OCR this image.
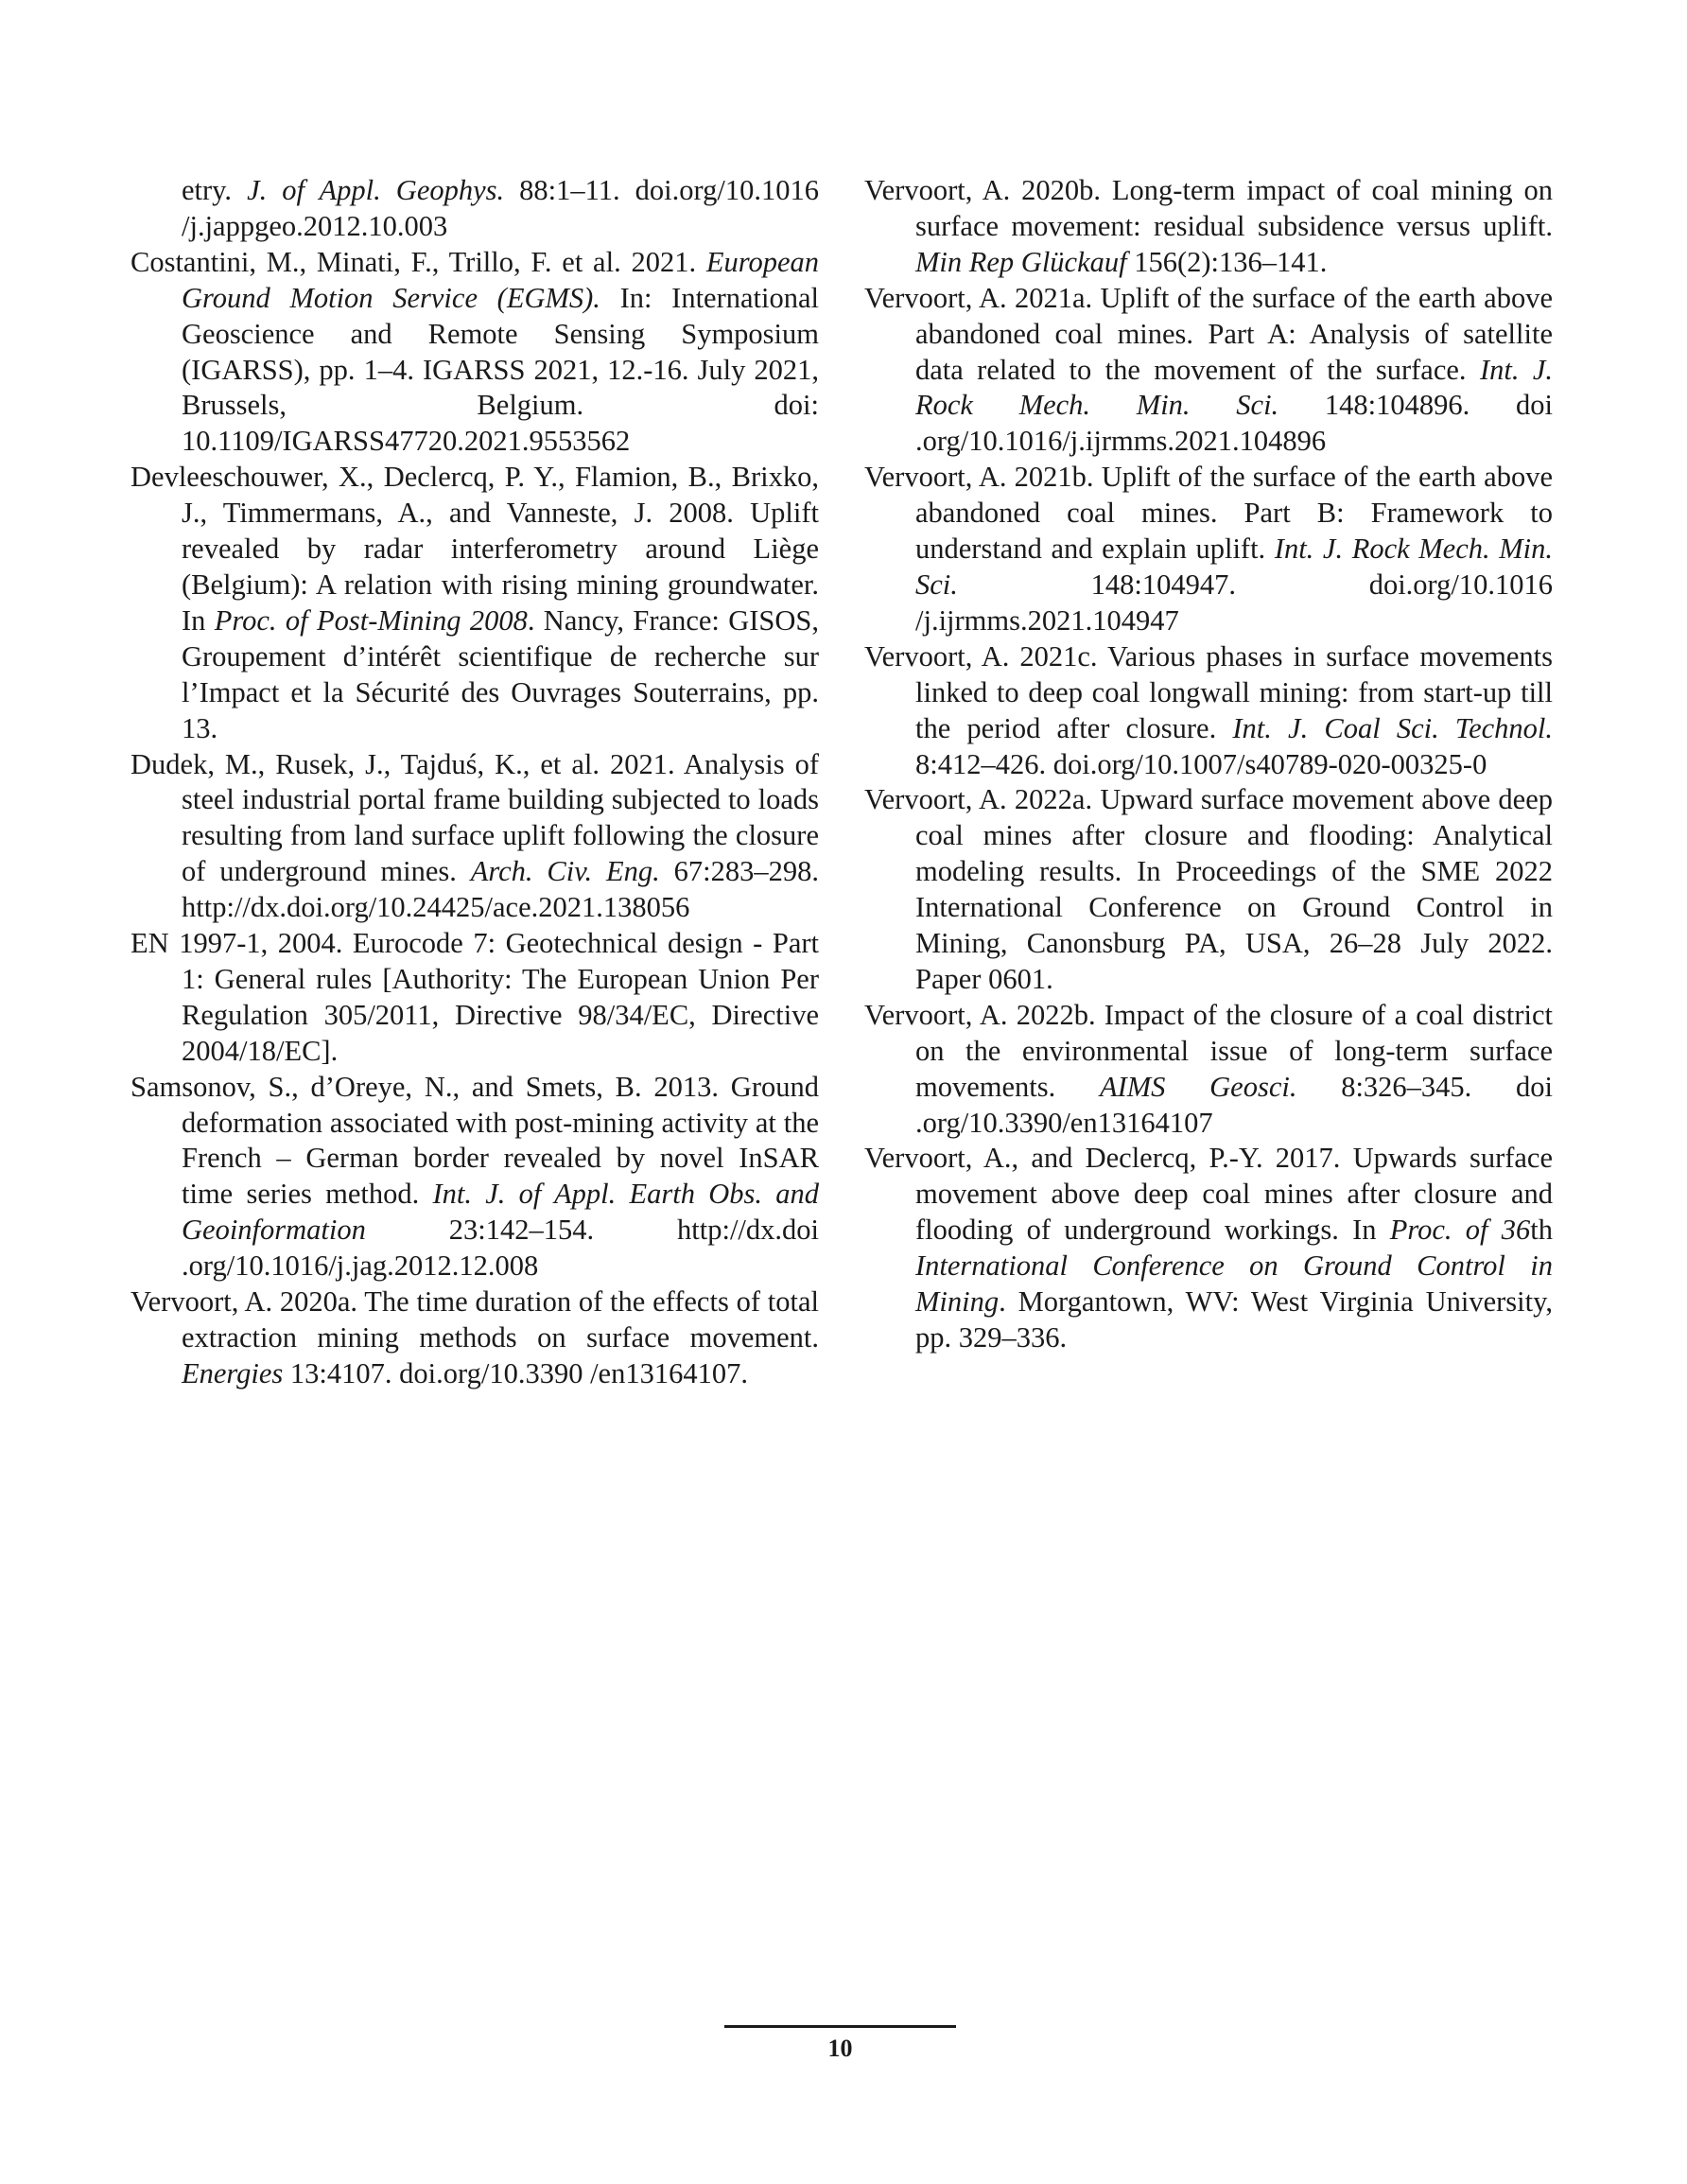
etry. J. of Appl. Geophys. 88:1–11. doi.org/10.1016 /j.jappgeo.2012.10.003

Costantini, M., Minati, F., Trillo, F. et al. 2021. European Ground Motion Service (EGMS). In: International Geoscience and Remote Sensing Symposium (IGARSS), pp. 1–4. IGARSS 2021, 12.-16. July 2021, Brussels, Belgium. doi: 10.1109/IGARSS47720.2021.9553562

Devleeschouwer, X., Declercq, P. Y., Flamion, B., Brixko, J., Timmermans, A., and Vanneste, J. 2008. Uplift revealed by radar interferometry around Liège (Belgium): A relation with rising mining groundwater. In Proc. of Post-Mining 2008. Nancy, France: GISOS, Groupement d’intérêt scientifique de recherche sur l’Impact et la Sécurité des Ouvrages Souterrains, pp. 13.

Dudek, M., Rusek, J., Tajduś, K., et al. 2021. Analysis of steel industrial portal frame building subjected to loads resulting from land surface uplift following the closure of underground mines. Arch. Civ. Eng. 67:283–298. http://dx.doi.org/10.24425/ace.2021.138056

EN 1997-1, 2004. Eurocode 7: Geotechnical design - Part 1: General rules [Authority: The European Union Per Regulation 305/2011, Directive 98/34/EC, Directive 2004/18/EC].

Samsonov, S., d’Oreye, N., and Smets, B. 2013. Ground deformation associated with post-mining activity at the French – German border revealed by novel InSAR time series method. Int. J. of Appl. Earth Obs. and Geoinformation 23:142–154. http://dx.doi .org/10.1016/j.jag.2012.12.008

Vervoort, A. 2020a. The time duration of the effects of total extraction mining methods on surface movement. Energies 13:4107. doi.org/10.3390 /en13164107.

Vervoort, A. 2020b. Long-term impact of coal mining on surface movement: residual subsidence versus uplift. Min Rep Glückauf 156(2):136–141.

Vervoort, A. 2021a. Uplift of the surface of the earth above abandoned coal mines. Part A: Analysis of satellite data related to the movement of the surface. Int. J. Rock Mech. Min. Sci. 148:104896. doi .org/10.1016/j.ijrmms.2021.104896

Vervoort, A. 2021b. Uplift of the surface of the earth above abandoned coal mines. Part B: Framework to understand and explain uplift. Int. J. Rock Mech. Min. Sci. 148:104947. doi.org/10.1016 /j.ijrmms.2021.104947

Vervoort, A. 2021c. Various phases in surface movements linked to deep coal longwall mining: from start-up till the period after closure. Int. J. Coal Sci. Technol. 8:412–426. doi.org/10.1007/s40789-020-00325-0

Vervoort, A. 2022a. Upward surface movement above deep coal mines after closure and flooding: Analytical modeling results. In Proceedings of the SME 2022 International Conference on Ground Control in Mining, Canonsburg PA, USA, 26–28 July 2022. Paper 0601.

Vervoort, A. 2022b. Impact of the closure of a coal district on the environmental issue of long-term surface movements. AIMS Geosci. 8:326–345. doi .org/10.3390/en13164107

Vervoort, A., and Declercq, P.-Y. 2017. Upwards surface movement above deep coal mines after closure and flooding of underground workings. In Proc. of 36th International Conference on Ground Control in Mining. Morgantown, WV: West Virginia University, pp. 329–336.

10
